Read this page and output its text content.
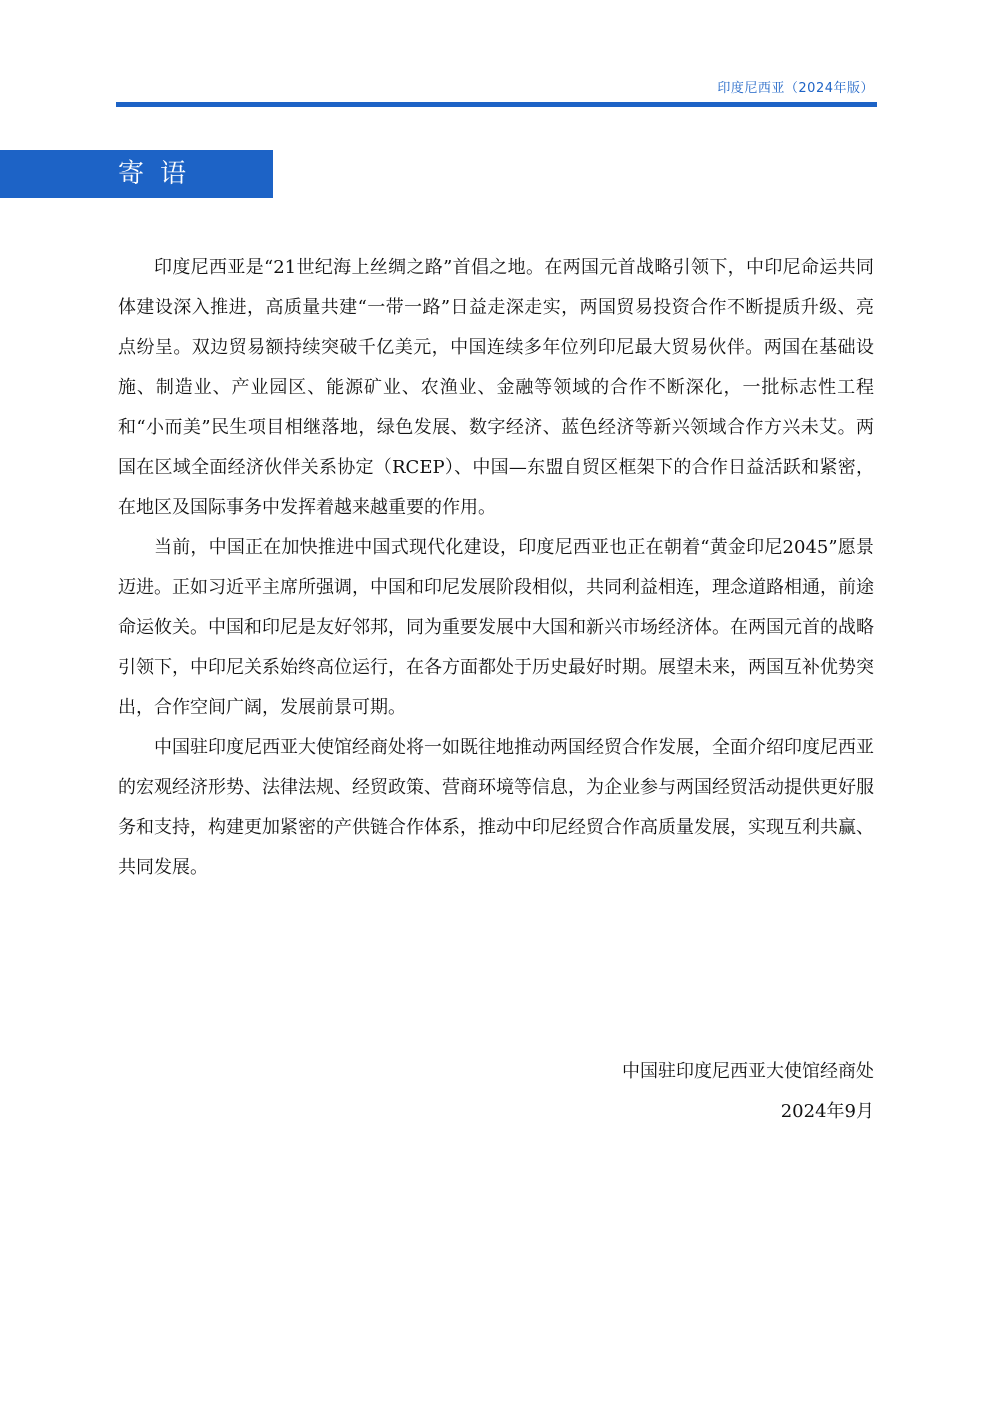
印度尼西亚（2024年版）
寄语

印度尼西亚是“21世纪海上丝绸之路”首倡之地。在两国元首战略引领下，中印尼命运共同体建设深入推进，高质量共建“一带一路”日益走深走实，两国贸易投资合作不断提质升级、亮点纷呈。双边贸易额持续突破千亿美元，中国连续多年位列印尼最大贸易伙伴。两国在基础设施、制造业、产业园区、能源矿业、农渔业、金融等领域的合作不断深化，一批标志性工程和“小而美”民生项目相继落地，绿色发展、数字经济、蓝色经济等新兴领域合作方兴未艾。两国在区域全面经济伙伴关系协定（RCEP）、中国—东盟自贸区框架下的合作日益活跃和紧密，在地区及国际事务中发挥着越来越重要的作用。

当前，中国正在加快推进中国式现代化建设，印度尼西亚也正在朝着“黄金印尼2045”愿景迈进。正如习近平主席所强调，中国和印尼发展阶段相似，共同利益相连，理念道路相通，前途命运攸关。中国和印尼是友好邻邦，同为重要发展中大国和新兴市场经济体。在两国元首的战略引领下，中印尼关系始终高位运行，在各方面都处于历史最好时期。展望未来，两国互补优势突出，合作空间广阔，发展前景可期。

中国驻印度尼西亚大使馆经商处将一如既往地推动两国经贸合作发展，全面介绍印度尼西亚的宏观经济形势、法律法规、经贸政策、营商环境等信息，为企业参与两国经贸活动提供更好服务和支持，构建更加紧密的产供链合作体系，推动中印尼经贸合作高质量发展，实现互利共赢、共同发展。

中国驻印度尼西亚大使馆经商处
2024年9月
